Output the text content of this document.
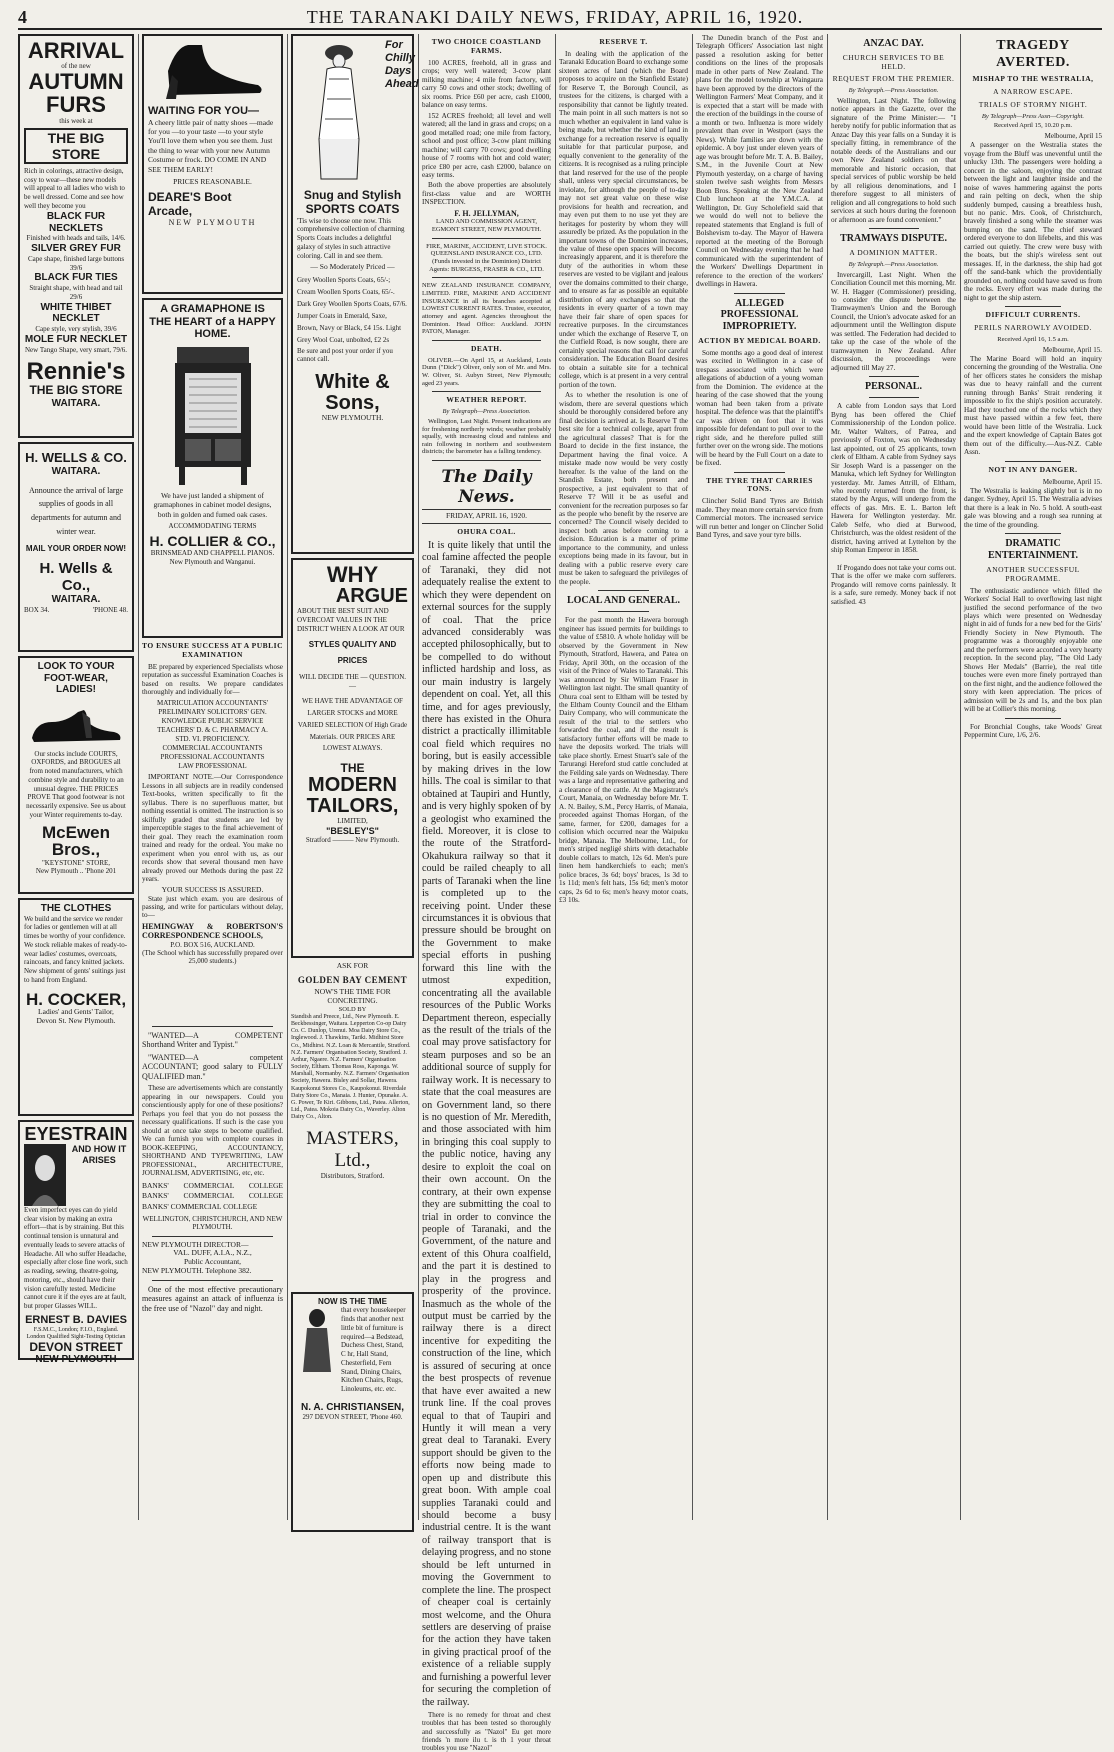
4	THE TARANAKI DAILY NEWS, FRIDAY, APRIL 16, 1920.
ARRIVAL
of the new
AUTUMN
FURS
this week at
THE BIG STORE
Rich in colorings, attractive design, cosy to wear—these new models will appeal to all ladies who wish to be well dressed. Come and see how well they become you
BLACK FUR NECKLETS
Finished with heads and tails, 14/6.
SILVER GREY FUR
Cape shape, finished large buttons 39/6
BLACK FUR TIES
Straight shape, with head and tail 29/6
WHITE THIBET NECKLET
Cape style, very stylish, 39/6
MOLE FUR NECKLET
New Tango Shape, very smart, 79/6.
Rennie's
THE BIG STORE
WAITARA.
H. WELLS & CO.
WAITARA.
Announce the arrival of large supplies of goods in all departments for autumn and winter wear.
MAIL YOUR ORDER NOW!
H. Wells & Co.,
WAITARA.
BOX 34.	'PHONE 48.
LOOK TO YOUR FOOT-WEAR, LADIES!
Our stocks include COURTS, OXFORDS, and BROGUES all from noted manufacturers, which combine style and durability to an unusual degree. THE PRICES PROVE That good footwear is not necessarily expensive. See us about your Winter requirements to-day.
McEwen Bros.,
"KEYSTONE" STORE,
New Plymouth .. 'Phone 201
THE CLOTHES
We build and the service we render for ladies or gentlemen will at all times be worthy of your confidence. We stock reliable makes of ready-to-wear ladies' costumes, overcoats, raincoats, and fancy knitted jackets. New shipment of gents' suitings just to hand from England.
H. COCKER,
Ladies' and Gents' Tailor,
Devon St. New Plymouth.
EYESTRAIN
AND HOW IT ARISES
Even imperfect eyes can do yield clear vision by making an extra effort—that is by straining. But this continual tension is unnatural and eventually leads to severe attacks of Headache. All who suffer Headache, especially after close fine work, such as reading, sewing, theatre-going, motoring, etc., should have their vision carefully tested. Medicine cannot cure it if the eyes are at fault, but proper Glasses WILL.
ERNEST B. DAVIES
F.S.M.C., London; F.I.O., England. London Qualified Sight-Testing Optician
DEVON STREET
NEW PLYMOUTH
WAITING FOR YOU—
A cheery little pair of natty shoes —made for you —to your taste —to your style You'll love them when you see them. Just the thing to wear with your new Autumn Costume or frock. DO COME IN AND SEE THEM EARLY!
PRICES REASONABLE.
DEARE'S Boot Arcade,
NEW PLYMOUTH
A GRAMAPHONE IS THE HEART of a HAPPY HOME.
We have just landed a shipment of gramaphones in cabinet model designs, both in golden and fumed oak cases.
ACCOMMODATING TERMS
H. COLLIER & CO.,
BRINSMEAD AND CHAPPELL PIANOS.
New Plymouth and Wanganui.
TO ENSURE SUCCESS AT A PUBLIC EXAMINATION
BE prepared by experienced Specialists whose reputation as successful Examination Coaches is based on results. We prepare candidates thoroughly and individually for—
MATRICULATION ACCOUNTANTS' PRELIMINARY SOLICITORS' GEN. KNOWLEDGE PUBLIC SERVICE TEACHERS' D. & C. PHARMACY A. STD. VI. PROFICIENCY. COMMERCIAL ACCOUNTANTS PROFESSIONAL ACCOUNTANTS LAW PROFESSIONAL
IMPORTANT NOTE.—Our Correspondence Lessons in all subjects are in readily condensed Text-books, written specifically to fit the syllabus. There is no superfluous matter, but nothing essential is omitted. The instruction is so skilfully graded that students are led by imperceptible stages to the final achievement of their goal. They reach the examination room trained and ready for the ordeal. You make no experiment when you enrol with us, as our records show that several thousand men have already proved our Methods during the past 22 years.
YOUR SUCCESS IS ASSURED.
State just which exam. you are desirous of passing, and write for particulars without delay, to—
HEMINGWAY & ROBERTSON'S CORRESPONDENCE SCHOOLS,
P.O. BOX 516, AUCKLAND.
(The School which has successfully prepared over 25,000 students.)
"WANTED—A COMPETENT Shorthand Writer and Typist."
"WANTED—A competent ACCOUNTANT; good salary to FULLY QUALIFIED man."
These are advertisements which are constantly appearing in our newspapers. Could you conscientiously apply for one of these positions? Perhaps you feel that you do not possess the necessary qualifications. If such is the case you should at once take steps to become qualified. We can furnish you with complete courses in BOOK-KEEPING, ACCOUNTANCY, SHORTHAND AND TYPEWRITING, LAW PROFESSIONAL, ARCHITECTURE, JOURNALISM, ADVERTISING, etc, etc.
BANKS' COMMERCIAL COLLEGE BANKS' COMMERCIAL COLLEGE BANKS' COMMERCIAL COLLEGE
WELLINGTON, CHRISTCHURCH, AND NEW PLYMOUTH.
NEW PLYMOUTH DIRECTOR—
VAL. DUFF, A.I.A., N.Z.,
Public Accountant,
NEW PLYMOUTH. Telephone 382.
One of the most effective precautionary measures against an attack of influenza is the free use of "Nazol" day and night.
For Chilly Days Ahead
Snug and Stylish SPORTS COATS
'Tis wise to choose one now. This comprehensive collection of charming Sports Coats includes a delightful galaxy of styles in such attractive coloring. Call in and see them.
— So Moderately Priced —
Grey Woollen Sports Coats, 65/-; Cream Woollen Sports Coats, 65/-. Dark Grey Woollen Sports Coats, 67/6. Jumper Coats in Emerald, Saxe, Brown, Navy or Black, £4 15s. Light Grey Wool Coat, unbolted, £2 2s
Be sure and post your order if you cannot call.
White & Sons,
NEW PLYMOUTH.
WHY
ARGUE
ABOUT THE BEST SUIT AND OVERCOAT VALUES IN THE DISTRICT WHEN A LOOK AT OUR
STYLES QUALITY AND PRICES
WILL DECIDE THE — QUESTION. —
WE HAVE THE ADVANTAGE OF LARGER STOCKS and MORE VARIED SELECTION Of High Grade Materials. OUR PRICES ARE LOWEST ALWAYS.
THE
MODERN
TAILORS,
LIMITED,
"BESLEY'S"
Stratford ——— New Plymouth.
ASK FOR
GOLDEN BAY CEMENT
NOW'S THE TIME FOR CONCRETING.
SOLD BY
Standish and Preece, Ltd., New Plymouth. E. Beckbessinger, Waitara. Lepperton Co-op Dairy Co. C. Dunlop, Urenui. Moa Dairy Store Co., Inglewood. J. Thawkins, Tariki. Midhirst Store Co., Midhirst. N.Z. Loan & Mercantile, Stratford. N.Z. Farmers' Organisation Society, Stratford. J. Arthur, Ngaere. N.Z. Farmers' Organisation Society, Eltham. Thomas Ross, Kaponga. W. Marshall, Normanby. N.Z. Farmers' Organisation Society, Hawera. Bisley and Sollar, Hawera. Kaupokonui Stores Co., Kaupokonui. Riverdale Dairy Store Co., Manaia. J. Hunter, Opunake. A. G. Power, Te Kiri. Gibbons, Ltd., Patea. Allerton, Ltd., Patea. Mokoia Dairy Co., Waverley. Alton Dairy Co., Alton.
MASTERS, Ltd.,
Distributors, Stratford.
NOW IS THE TIME
that every housekeeper finds that another next little bit of furniture is required—a Bedstead, Duchess Chest, Stand, C hr, Hall Stand, Chesterfield, Fern Stand, Dining Chairs, Kitchen Chairs, Rugs, Linoleums, etc. etc.
N. A. CHRISTIANSEN,
297 DEVON STREET, 'Phone 460.
TWO CHOICE COASTLAND FARMS.
100 ACRES, freehold, all in grass and crops; very well watered; 3-cow plant milking machine; 4 mile from factory, will carry 50 cows and other stock; dwelling of six rooms. Price £60 per acre, cash £1000, balance on easy terms.
152 ACRES freehold; all level and well watered; all the land in grass and crops; on a good metalled road; one mile from factory, school and post office; 3-cow plant milking machine; will carry 70 cows; good dwelling house of 7 rooms with hot and cold water; price £80 per acre, cash £2000, balance on easy terms.
Both the above properties are absolutely first-class value and are WORTH INSPECTION.
F. H. JELLYMAN,
LAND AND COMMISSION AGENT, EGMONT STREET, NEW PLYMOUTH.
FIRE, MARINE, ACCIDENT, LIVE STOCK. QUEENSLAND INSURANCE CO., LTD. (Funds invested in the Dominion) District Agents: BURGESS, FRASER & CO., LTD.
NEW ZEALAND INSURANCE COMPANY, LIMITED. FIRE, MARINE AND ACCIDENT INSURANCE in all its branches accepted at LOWEST CURRENT RATES. Trustee, executor, attorney and agent. Agencies throughout the Dominion. Head Office: Auckland. JOHN PATON, Manager.
DEATH.
OLIVER.—On April 15, at Auckland, Louis Dunn ("Dick") Oliver, only son of Mr. and Mrs. W. Oliver, St. Aubyn Street, New Plymouth; aged 23 years.
WEATHER REPORT.
By Telegraph—Press Association.
Wellington, Last Night. Present indications are for freshening northerly winds; weather probably squally, with increasing cloud and rainless and rain following in northern and southwestern districts; the barometer has a falling tendency.
The Daily News.
FRIDAY, APRIL 16, 1920.
OHURA COAL.
It is quite likely that until the coal famine affected the people of Taranaki, they did not adequately realise the extent to which they were dependent on external sources for the supply of coal. That the price advanced considerably was accepted philosophically, but to be compelled to do without inflicted hardship and loss, as our main industry is largely dependent on coal. Yet, all this time, and for ages previously, there has existed in the Ohura district a practically illimitable coal field which requires no boring, but is easily accessible by making drives in the low hills. The coal is similar to that obtained at Taupiri and Huntly, and is very highly spoken of by a geologist who examined the field. Moreover, it is close to the route of the Stratford-Okahukura railway so that it could be railed cheaply to all parts of Taranaki when the line is completed up to the receiving point. Under these circumstances it is obvious that pressure should be brought on the Government to make special efforts in pushing forward this line with the utmost expedition, concentrating all the available resources of the Public Works Department thereon, especially as the result of the trials of the coal may prove satisfactory for steam purposes and so be an additional source of supply for railway work. It is necessary to state that the coal measures are on Government land, so there is no question of Mr. Meredith, and those associated with him in bringing this coal supply to the public notice, having any desire to exploit the coal on their own account. On the contrary, at their own expense they are submitting the coal to trial in order to convince the people of Taranaki, and the Government, of the nature and extent of this Ohura coalfield, and the part it is destined to play in the progress and prosperity of the province. Inasmuch as the whole of the output must be carried by the railway there is a direct incentive for expediting the construction of the line, which is assured of securing at once the best prospects of revenue that have ever awaited a new trunk line. If the coal proves equal to that of Taupiri and Huntly it will mean a very great deal to Taranaki. Every support should be given to the efforts now being made to open up and distribute this great boon. With ample coal supplies Taranaki could and should become a busy industrial centre. It is the want of railway transport that is delaying progress, and no stone should be left unturned in moving the Government to complete the line. The prospect of cheaper coal is certainly most welcome, and the Ohura settlers are deserving of praise for the action they have taken in giving practical proof of the existence of a reliable supply and furnishing a powerful lever for securing the completion of the railway.
There is no remedy for throat and chest troubles that has been tested so thoroughly and successfully as "Nazol" Eu get more friends 'n more ilu t. is th 1 your throat troubles you use "Nazol"
RESERVE T.
In dealing with the application of the Taranaki Education Board to exchange some sixteen acres of land (which the Board proposes to acquire on the Stanfield Estate) for Reserve T, the Borough Council, as trustees for the citizens, is charged with a responsibility that cannot be lightly treated. The main point in all such matters is not so much whether an equivalent in land value is being made, but whether the kind of land in exchange for a recreation reserve is equally suitable for that particular purpose, and equally convenient to the generality of the citizens. It is recognised as a ruling principle that land reserved for the use of the people shall, unless very special circumstances, be inviolate, for although the people of to-day may not set great value on these wise provisions for health and recreation, and may even put them to no use yet they are heritages for posterity by whom they will assuredly be prized. As the population in the important towns of the Dominion increases, the value of these open spaces will become increasingly apparent, and it is therefore the duty of the authorities in whom these reserves are vested to be vigilant and jealous over the domains committed to their charge, and to ensure as far as possible an equitable distribution of any exchanges so that the residents in every quarter of a town may have their fair share of open spaces for recreative purposes. In the circumstances under which the exchange of Reserve T, on the Cutfield Road, is now sought, there are certainly special reasons that call for careful consideration. The Education Board desires to obtain a suitable site for a technical college, which is at present in a very central portion of the town.
As to whether the resolution is one of wisdom, there are several questions which should be thoroughly considered before any final decision is arrived at. Is Reserve T the best site for a technical college, apart from the agricultural classes? That is for the Board to decide in the first instance, the Department having the final voice. A mistake made now would be very costly hereafter. Is the value of the land on the Standish Estate, both present and prospective, a just equivalent to that of Reserve T? Will it be as useful and convenient for the recreation purposes so far as the people who benefit by the reserve are concerned? The Council wisely decided to inspect both areas before coming to a decision. Education is a matter of prime importance to the community, and unless exceptions being made in its favour, but in dealing with a public reserve every care must be taken to safeguard the privileges of the people.
LOCAL AND GENERAL.
For the past month the Hawera borough engineer has issued permits for buildings to the value of £5810. A whole holiday will be observed by the Government in New Plymouth, Stratford, Hawera, and Patea on Friday, April 30th, on the occasion of the visit of the Prince of Wales to Taranaki. This was announced by Sir William Fraser in Wellington last night. The small quantity of Ohura coal sent to Eltham will be tested by the Eltham County Council and the Eltham Dairy Company, who will communicate the result of the trial to the settlers who forwarded the coal, and if the result is satisfactory further efforts will be made to have the deposits worked. The trials will take place shortly. Ernest Stuart's sale of the Tarurangi Hereford stud cattle concluded at the Feilding sale yards on Wednesday. There was a large and representative gathering and a clearance of the cattle. At the Magistrate's Court, Manaia, on Wednesday before Mr. T. A. N. Bailey, S.M., Percy Harris, of Manaia, proceeded against Thomas Horgan, of the same, farmer, for £200, damages for a collision which occurred near the Waipuku bridge, Manaia. The Melbourne, Ltd., for men's striped negligé shirts with detachable double collars to match, 12s 6d. Men's pure linen hem handkerchiefs to each; men's police braces, 3s 6d; boys' braces, 1s 3d to 1s 11d; men's felt hats, 15s 6d; men's motor caps, 2s 6d to 6s; men's heavy motor coats, £3 10s.
The Dunedin branch of the Post and Telegraph Officers' Association last night passed a resolution asking for better conditions on the lines of the proposals made in other parts of New Zealand. The plans for the model township at Waingaura have been approved by the directors of the Wellington Farmers' Meat Company, and it is expected that a start will be made with the erection of the buildings in the course of a month or two. Influenza is more widely prevalent than ever in Westport (says the News). While families are down with the epidemic. A boy just under eleven years of age was brought before Mr. T. A. B. Bailey, S.M., in the Juvenile Court at New Plymouth yesterday, on a charge of having stolen twelve sash weights from Messrs Boon Bros. Speaking at the New Zealand Club luncheon at the Y.M.C.A. at Wellington, Dr. Guy Scholefield said that we would do well not to believe the repeated statements that England is full of Bolshevism to-day. The Mayor of Hawera reported at the meeting of the Borough Council on Wednesday evening that he had communicated with the superintendent of the Workers' Dwellings Department in reference to the erection of the workers' dwellings in Hawera.
ALLEGED PROFESSIONAL IMPROPRIETY.
ACTION BY MEDICAL BOARD.
Some months ago a good deal of interest was excited in Wellington in a case of trespass associated with which were allegations of abduction of a young woman from the Dominion. The evidence at the hearing of the case showed that the young woman had been taken from a private hospital. The defence was that the plaintiff's car was driven on foot that it was impossible for defendant to pull over to the right side, and he therefore pulled still further over on the wrong side. The motions will be heard by the Full Court on a date to be fixed.
THE TYRE THAT CARRIES TONS.
Clincher Solid Band Tyres are British made. They mean more certain service from Commercial motors. The increased service will run better and longer on Clincher Solid Band Tyres, and save your tyre bills.
ANZAC DAY.
CHURCH SERVICES TO BE HELD.
REQUEST FROM THE PREMIER.
By Telegraph.—Press Association.
Wellington, Last Night. The following notice appears in the Gazette, over the signature of the Prime Minister:— "I hereby notify for public information that as Anzac Day this year falls on a Sunday it is specially fitting, in remembrance of the notable deeds of the Australians and our own New Zealand soldiers on that memorable and historic occasion, that special services of public worship be held by all religious denominations, and I therefore suggest to all ministers of religion and all congregations to hold such services at such hours during the forenoon or afternoon as are found convenient."
TRAMWAYS DISPUTE.
A DOMINION MATTER.
By Telegraph.—Press Association.
Invercargill, Last Night. When the Conciliation Council met this morning, Mr. W. H. Hagger (Commissioner) presiding, to consider the dispute between the Tramwaymen's Union and the Borough Council, the Union's advocate asked for an adjournment until the Wellington dispute was settled. The Federation had decided to take up the case of the whole of the tramwaymen in New Zealand. After discussion, the proceedings were adjourned till May 27.
PERSONAL.
A cable from London says that Lord Byng has been offered the Chief Commissionership of the London police. Mr. Walter Walters, of Patrea, and previously of Foxton, was on Wednesday last appointed, out of 25 applicants, town clerk of Eltham. A cable from Sydney says Sir Joseph Ward is a passenger on the Manuka, which left Sydney for Wellington yesterday. Mr. James Attrill, of Eltham, who recently returned from the front, is stated by the Argus, will undergo from the effects of gas. Mrs. E. L. Barton left Hawera for Wellington yesterday. Mr. Caleb Selfe, who died at Burwood, Christchurch, was the oldest resident of the district, having arrived at Lyttelton by the ship Roman Emperor in 1858.
If Progando does not take your corns out. That is the offer we make corn sufferers. Progando will remove corns painlessly. It is a safe, sure remedy. Money back if not satisfied. 43
TRAGEDY AVERTED.
MISHAP TO THE WESTRALIA,
A NARROW ESCAPE.
TRIALS OF STORMY NIGHT.
By Telegraph—Press Assn—Copyright.
Received April 15, 10.20 p.m.
Melbourne, April 15
A passenger on the Westralia states the voyage from the Bluff was uneventful until the unlucky 13th. The passengers were holding a concert in the saloon, enjoying the contrast between the light and laughter inside and the noise of waves hammering against the ports and rain pelting on deck, when the ship suddenly bumped, causing a breathless hush, but no panic. Mrs. Cook, of Christchurch, bravely finished a song while the steamer was bumping on the sand. The chief steward ordered everyone to don lifebelts, and this was carried out quietly. The crew were busy with the boats, but the ship's wireless sent out messages. If, in the darkness, the ship had got off the sand-bank which the providentially grounded on, nothing could have saved us from the rocks. Every effort was made during the night to get the ship astern.
DIFFICULT CURRENTS.
PERILS NARROWLY AVOIDED.
Received April 16, 1.5 a.m.
Melbourne, April 15.
The Marine Board will hold an inquiry concerning the grounding of the Westralia. One of her officers states he considers the mishap was due to heavy rainfall and the current running through Banks' Strait rendering it impossible to fix the ship's position accurately. Had they touched one of the rocks which they must have passed within a few feet, there would have been little of the Westralia. Luck and the expert knowledge of Captain Bates got them out of the difficulty.—Aus-N.Z. Cable Assn.
NOT IN ANY DANGER.
Melbourne, April 15.
The Westralia is leaking slightly but is in no danger. Sydney, April 15. The Westralia advises that there is a leak in No. 5 hold. A south-east gale was blowing and a rough sea running at the time of the grounding.
DRAMATIC ENTERTAINMENT.
ANOTHER SUCCESSFUL PROGRAMME.
The enthusiastic audience which filled the Workers' Social Hall to overflowing last night justified the second performance of the two plays which were presented on Wednesday night in aid of funds for a new bed for the Girls' Friendly Society in New Plymouth. The programme was a thoroughly enjoyable one and the performers were accorded a very hearty reception. In the second play, "The Old Lady Shows Her Medals" (Barrie), the real title touches were even more finely portrayed than on the first night, and the audience followed the story with keen appreciation. The prices of admission will be 2s and 1s, and the box plan will be at Collier's this morning.
For Bronchial Coughs, take Woods' Great Peppermint Cure, 1/6, 2/6.
